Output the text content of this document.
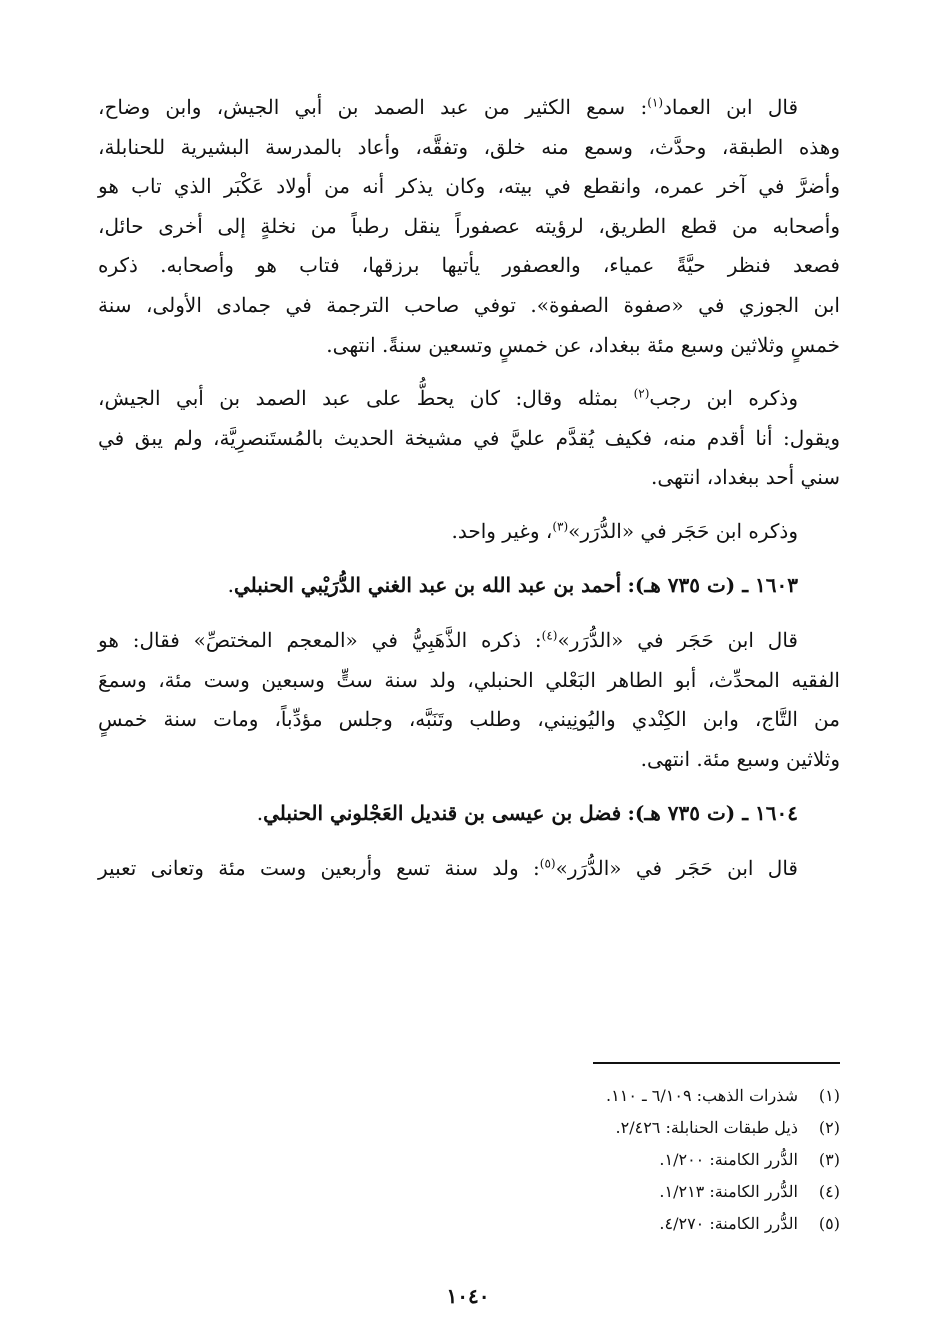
قال ابن العماد$^{(١)}$: سمع الكثير من عبد الصمد بن أبي الجيش، وابن وضاح،
وهذه الطبقة، وحدَّث، وسمع منه خلق، وتفقَّه، وأعاد بالمدرسة البشيرية للحنابلة،
وأضرَّ في آخر عمره، وانقطع في بيته، وكان يذكر أنه من أولاد عَكْبَر الذي تاب هو
وأصحابه من قطع الطريق، لرؤيته عصفوراً ينقل رطباً من نخلةٍ إلى أخرى حائل،
فصعد فنظر حيَّةً عمياء، والعصفور يأتيها برزقها، فتاب هو وأصحابه. ذكره
ابن الجوزي في «صفوة الصفوة». توفي صاحب الترجمة في جمادى الأولى، سنة
خمسٍ وثلاثين وسبع مئة ببغداد، عن خمسٍ وتسعين سنةً. انتهى.
وذكره ابن رجب$^{(٢)}$ بمثله وقال: كان يحطُّ على عبد الصمد بن أبي الجيش،
ويقول: أنا أقدم منه، فكيف يُقدَّم عليَّ في مشيخة الحديث بالمُستَنصرِيَّة، ولم يبق في
سني أحد ببغداد، انتهى.
وذكره ابن حَجَر في «الدُّرَر»$^{(٣)}$، وغير واحد.
١٦٠٣ ـ (ت ٧٣٥ هـ): أحمد بن عبد الله بن عبد الغني الدُّرَيْبي الحنبلي.
قال ابن حَجَر في «الدُّرَر»$^{(٤)}$: ذكره الذَّهَبِيُّ في «المعجم المختصِّ» فقال: هو
الفقيه المحدِّث، أبو الطاهر البَعْلي الحنبلي، ولد سنة ستٍّ وسبعين وست مئة، وسمعَ
من التَّاج، وابن الكِنْدي واليُونِيني، وطلب وتَنَبَّه، وجلس مؤدِّباً، ومات سنة خمسٍ
وثلاثين وسبع مئة. انتهى.
١٦٠٤ ـ (ت ٧٣٥ هـ): فضل بن عيسى بن قنديل العَجْلوني الحنبلي.
قال ابن حَجَر في «الدُّرَر»$^{(٥)}$: ولد سنة تسع وأربعين وست مئة وتعانى تعبير
(١)
شذرات الذهب: ٦/١٠٩ ـ ١١٠.
(٢)
ذيل طبقات الحنابلة: ٢/٤٢٦.
(٣)
الدُّرر الكامنة: ١/٢٠٠.
(٤)
الدُّرر الكامنة: ١/٢١٣.
(٥)
الدُّرر الكامنة: ٤/٢٧٠.
١٠٤٠
